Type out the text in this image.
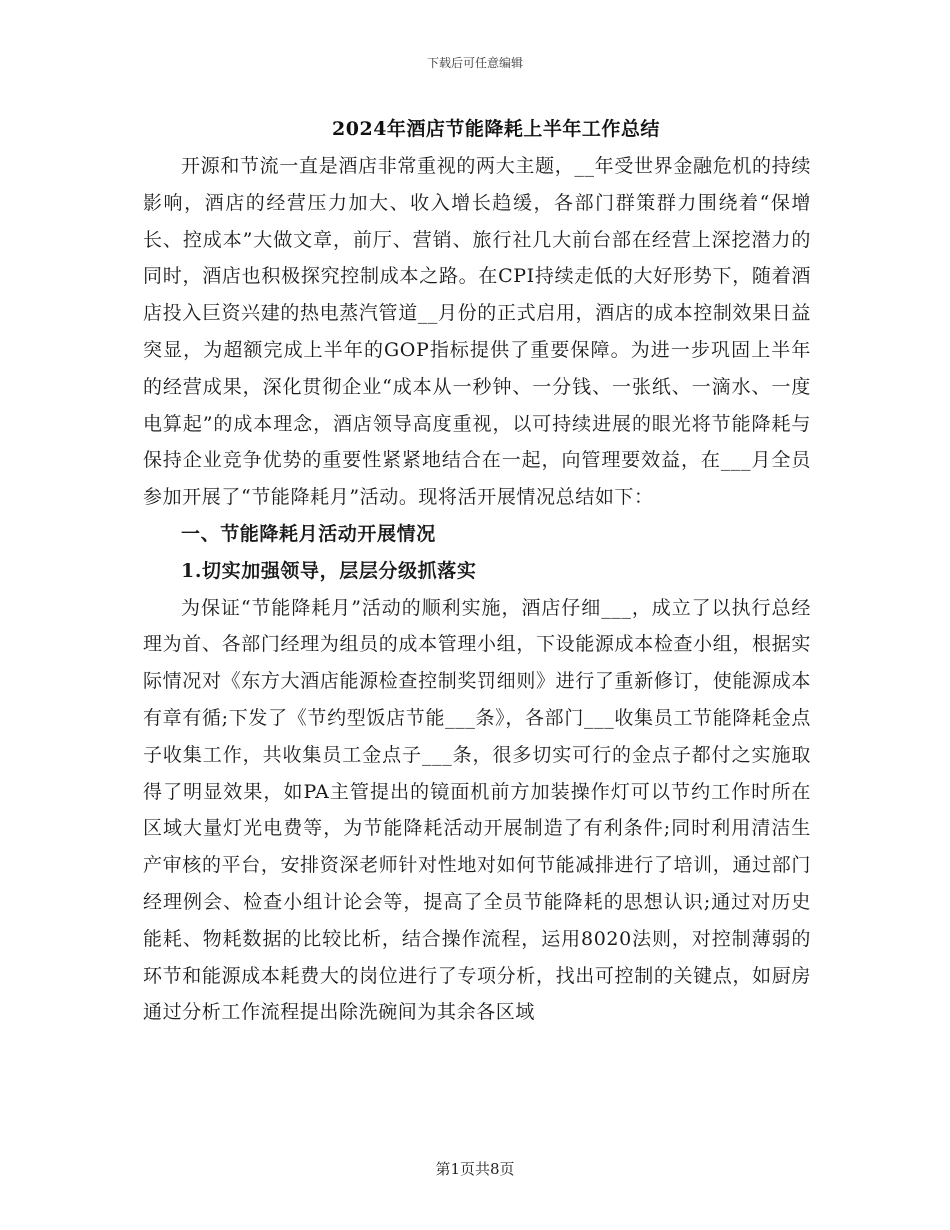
下载后可任意编辑
2024年酒店节能降耗上半年工作总结

开源和节流一直是酒店非常重视的两大主题，__年受世界金融危机的持续影响，酒店的经营压力加大、收入增长趋缓，各部门群策群力围绕着“保增长、控成本”大做文章，前厅、营销、旅行社几大前台部在经营上深挖潜力的同时，酒店也积极探究控制成本之路。在CPI持续走低的大好形势下，随着酒店投入巨资兴建的热电蒸汽管道__月份的正式启用，酒店的成本控制效果日益突显，为超额完成上半年的GOP指标提供了重要保障。为进一步巩固上半年的经营成果，深化贯彻企业“成本从一秒钟、一分钱、一张纸、一滴水、一度电算起”的成本理念，酒店领导高度重视，以可持续进展的眼光将节能降耗与保持企业竞争优势的重要性紧紧地结合在一起，向管理要效益，在___月全员参加开展了“节能降耗月”活动。现将活开展情况总结如下：

一、节能降耗月活动开展情况
1.切实加强领导，层层分级抓落实

为保证“节能降耗月”活动的顺利实施，酒店仔细___，成立了以执行总经理为首、各部门经理为组员的成本管理小组，下设能源成本检查小组，根据实际情况对《东方大酒店能源检查控制奖罚细则》进行了重新修订，使能源成本有章有循;下发了《节约型饭店节能___条》，各部门___收集员工节能降耗金点子收集工作，共收集员工金点子___条，很多切实可行的金点子都付之实施取得了明显效果，如PA主管提出的镜面机前方加装操作灯可以节约工作时所在区域大量灯光电费等，为节能降耗活动开展制造了有利条件;同时利用清洁生产审核的平台，安排资深老师针对性地对如何节能减排进行了培训，通过部门经理例会、检查小组计论会等，提高了全员节能降耗的思想认识;通过对历史能耗、物耗数据的比较比析，结合操作流程，运用8020法则，对控制薄弱的环节和能源成本耗费大的岗位进行了专项分析，找出可控制的关键点，如厨房通过分析工作流程提出除洗碗间为其余各区域

第1页共8页
